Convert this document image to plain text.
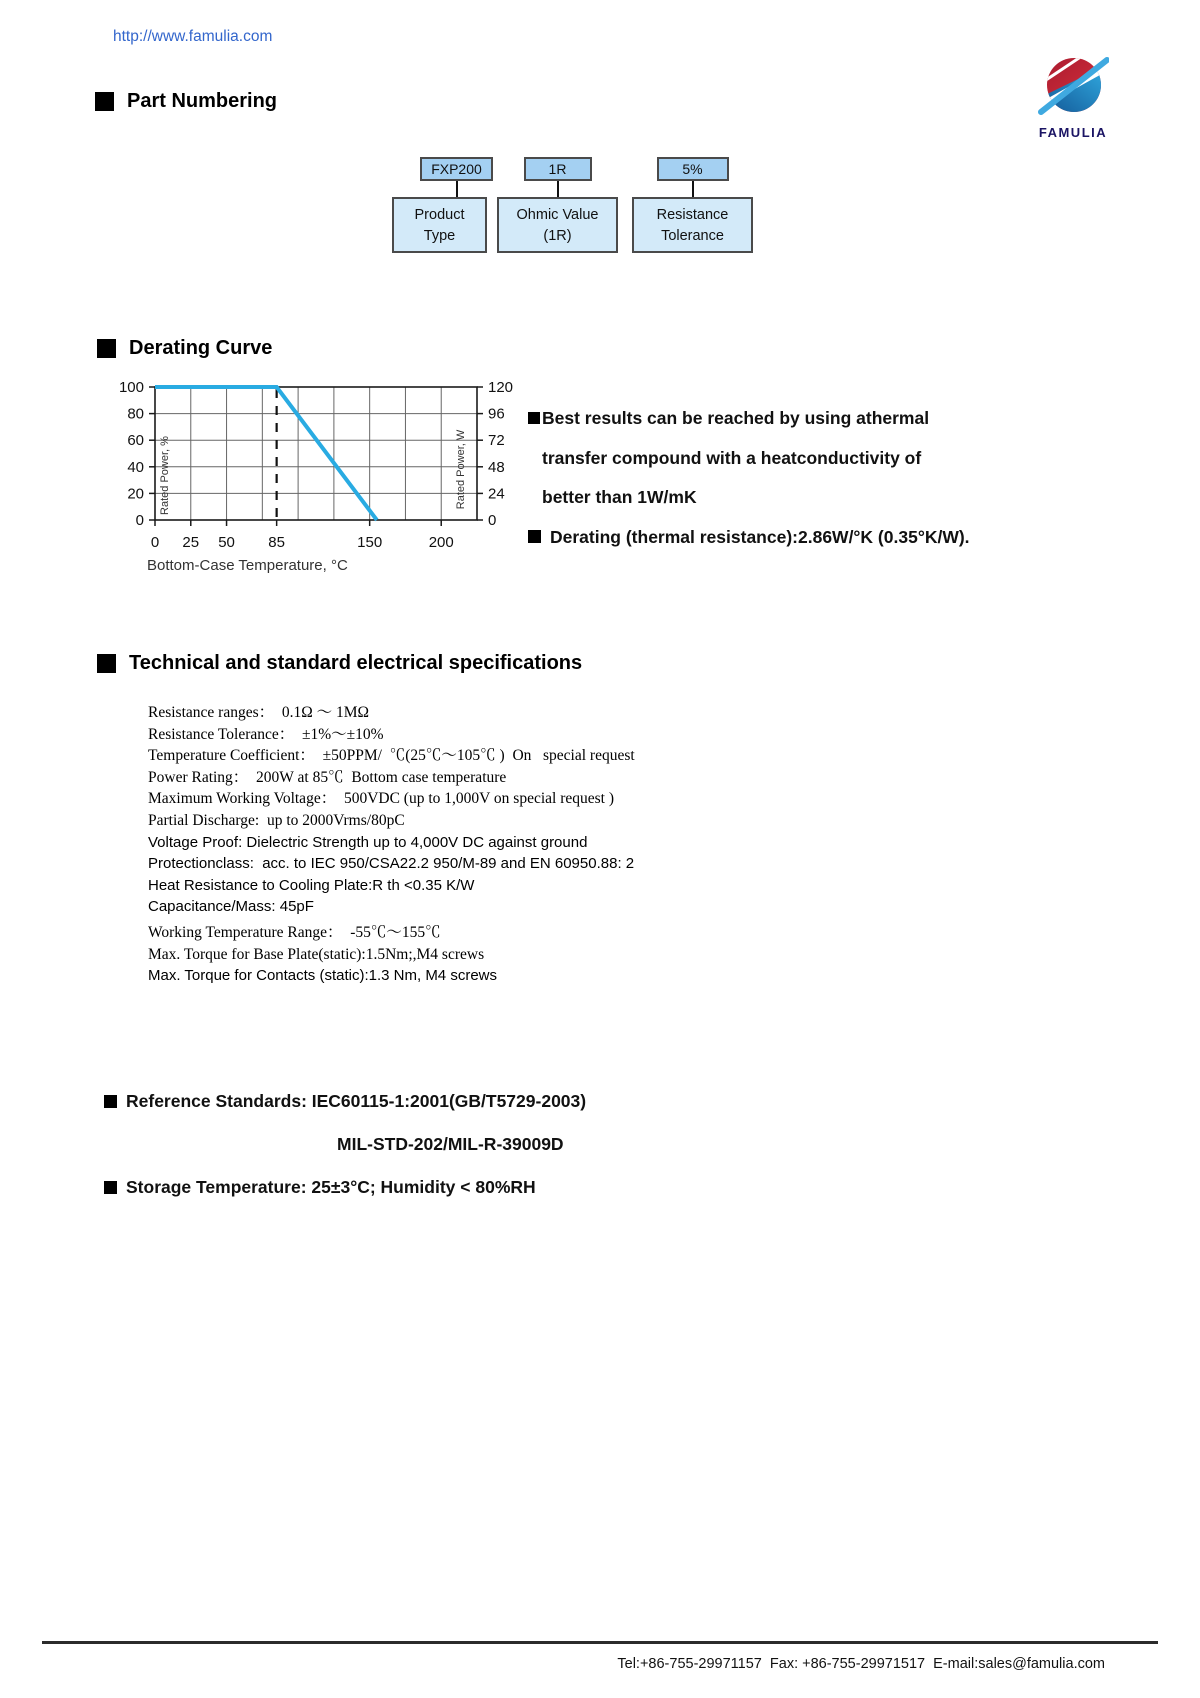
http://www.famulia.com
FAMULIA
Part Numbering
FXP200
Product
Type
1R
Ohmic Value
(1R)
5%
Resistance
Tolerance
Derating Curve
100
80
60
40
20
0
120
96
72
48
24
0
0 25 50 85	150	200
Rated Power, %	Rated Power, W
Bottom-Case Temperature, °C
Best results can be reached by using athermal
transfer compound with a heatconductivity of
better than 1W/mK
Derating (thermal resistance):2.86W/°K (0.35°K/W).
Technical and standard electrical specifications
Resistance ranges：  0.1Ω ～ 1MΩ
Resistance Tolerance：  ±1%～±10%
Temperature Coefficient：  ±50PPM/  ℃(25℃～105℃ )  On   special request
Power Rating：  200W at 85℃  Bottom case temperature
Maximum Working Voltage：  500VDC (up to 1,000V on special request )
Partial Discharge:  up to 2000Vrms/80pC
Voltage Proof: Dielectric Strength up to 4,000V DC against ground
Protectionclass:  acc. to IEC 950/CSA22.2 950/M-89 and EN 60950.88: 2
Heat Resistance to Cooling Plate:R th <0.35 K/W
Capacitance/Mass: 45pF
Working Temperature Range：  -55℃～155℃
Max. Torque for Base Plate(static):1.5Nm;,M4 screws
Max. Torque for Contacts (static):1.3 Nm, M4 screws
Reference Standards: IEC60115-1:2001(GB/T5729-2003)
MIL-STD-202/MIL-R-39009D
Storage Temperature: 25±3°C; Humidity < 80%RH
Tel:+86-755-29971157  Fax: +86-755-29971517  E-mail:sales@famulia.com
